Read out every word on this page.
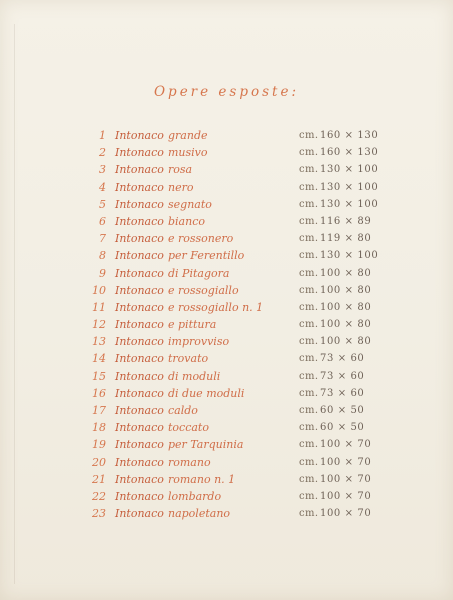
Opere esposte:
1 Intonaco grande	cm. 160 × 130
2 Intonaco musivo	cm. 160 × 130
3 Intonaco rosa	cm. 130 × 100
4 Intonaco nero	cm. 130 × 100
5 Intonaco segnato	cm. 130 × 100
6 Intonaco bianco	cm. 116 × 89
7 Intonaco e rossonero	cm. 119 × 80
8 Intonaco per Ferentillo	cm. 130 × 100
9 Intonaco di Pitagora	cm. 100 × 80
10 Intonaco e rossogiallo	cm. 100 × 80
11 Intonaco e rossogiallo n. 1	cm. 100 × 80
12 Intonaco e pittura	cm. 100 × 80
13 Intonaco improvviso	cm. 100 × 80
14 Intonaco trovato	cm. 73 × 60
15 Intonaco di moduli	cm. 73 × 60
16 Intonaco di due moduli	cm. 73 × 60
17 Intonaco caldo	cm. 60 × 50
18 Intonaco toccato	cm. 60 × 50
19 Intonaco per Tarquinia	cm. 100 × 70
20 Intonaco romano	cm. 100 × 70
21 Intonaco romano n. 1	cm. 100 × 70
22 Intonaco lombardo	cm. 100 × 70
23 Intonaco napoletano	cm. 100 × 70
